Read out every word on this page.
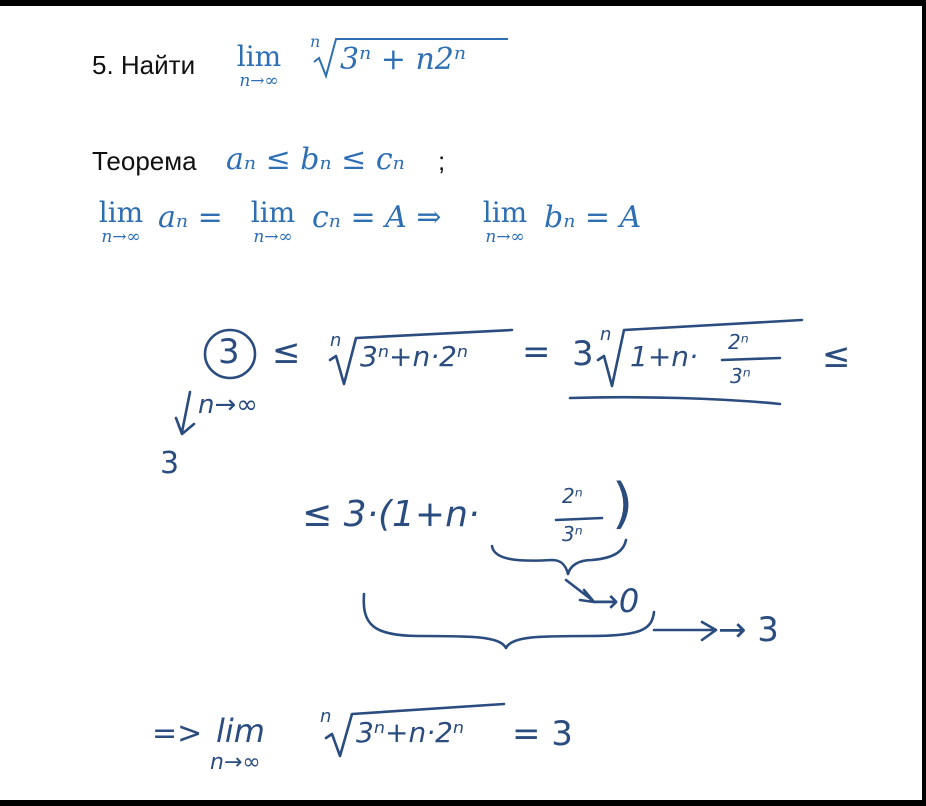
5. Найти	lim
n→∞
n
3ⁿ + n2ⁿ
Теорема aₙ ≤ bₙ ≤ cₙ ;
lim
n→∞
aₙ =	lim
n→∞
cₙ = A ⇒	lim
n→∞
bₙ = A
3 ≤ n 3ⁿ+n·2ⁿ = 3 n
1+n· 2ⁿ
3ⁿ ≤
n→∞
3
≤ 3·(1+n·	2ⁿ
3ⁿ )
→0
→ 3
=> lim
n→∞
n 3ⁿ+n·2ⁿ = 3
